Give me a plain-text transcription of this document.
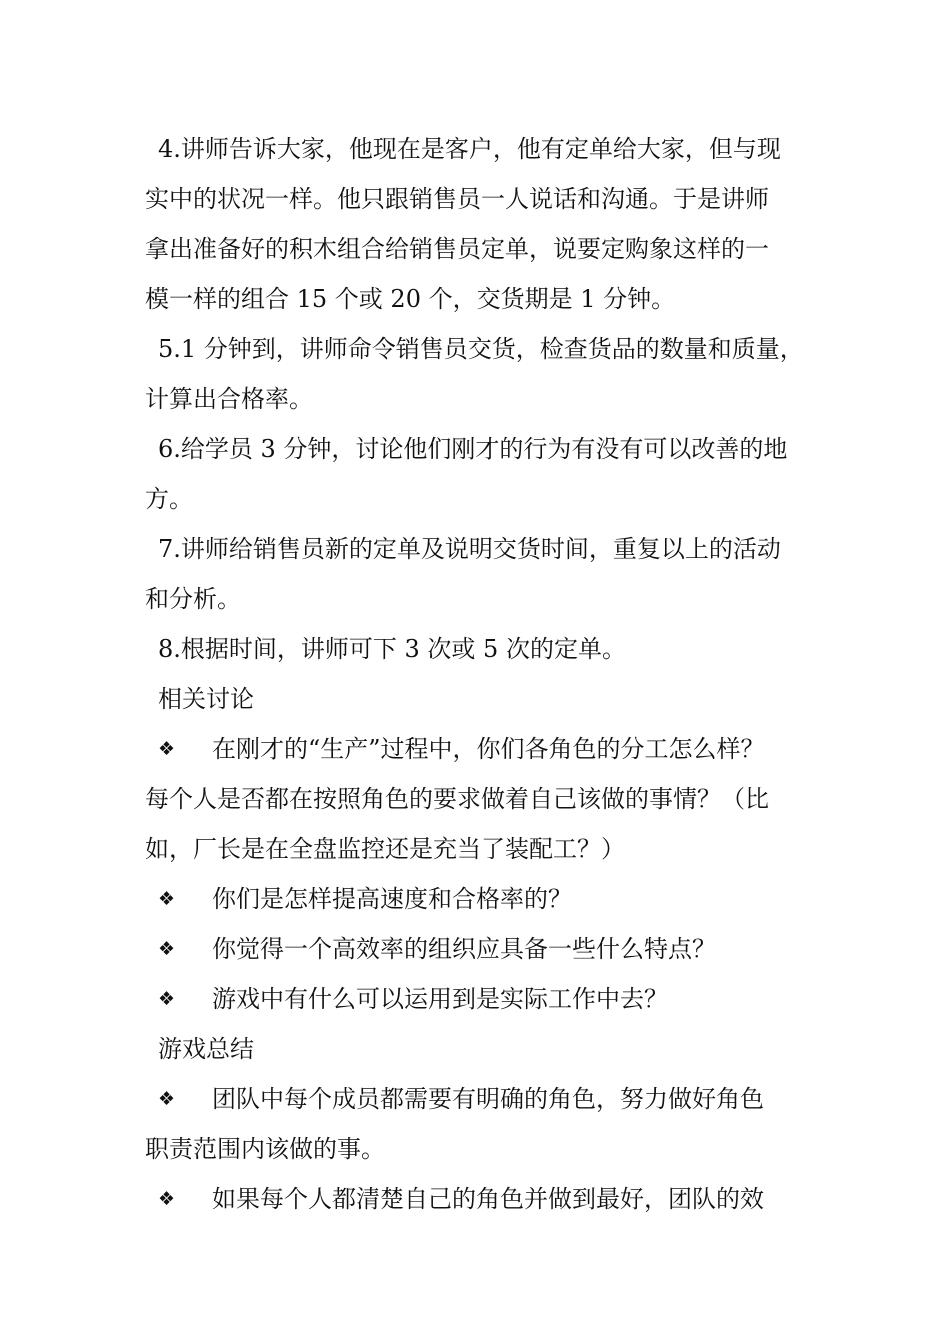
4.讲师告诉大家，他现在是客户，他有定单给大家，但与现
实中的状况一样。他只跟销售员一人说话和沟通。于是讲师
拿出准备好的积木组合给销售员定单，说要定购象这样的一
模一样的组合 15 个或 20 个，交货期是 1 分钟。
5.1 分钟到，讲师命令销售员交货，检查货品的数量和质量，
计算出合格率。
6.给学员 3 分钟，讨论他们刚才的行为有没有可以改善的地
方。
7.讲师给销售员新的定单及说明交货时间，重复以上的活动
和分析。
8.根据时间，讲师可下 3 次或 5 次的定单。
相关讨论
❖ 在刚才的“生产”过程中，你们各角色的分工怎么样？
每个人是否都在按照角色的要求做着自己该做的事情？（比
如，厂长是在全盘监控还是充当了装配工？）
❖ 你们是怎样提高速度和合格率的？
❖ 你觉得一个高效率的组织应具备一些什么特点？
❖ 游戏中有什么可以运用到是实际工作中去？
游戏总结
❖ 团队中每个成员都需要有明确的角色，努力做好角色
职责范围内该做的事。
❖ 如果每个人都清楚自己的角色并做到最好，团队的效
